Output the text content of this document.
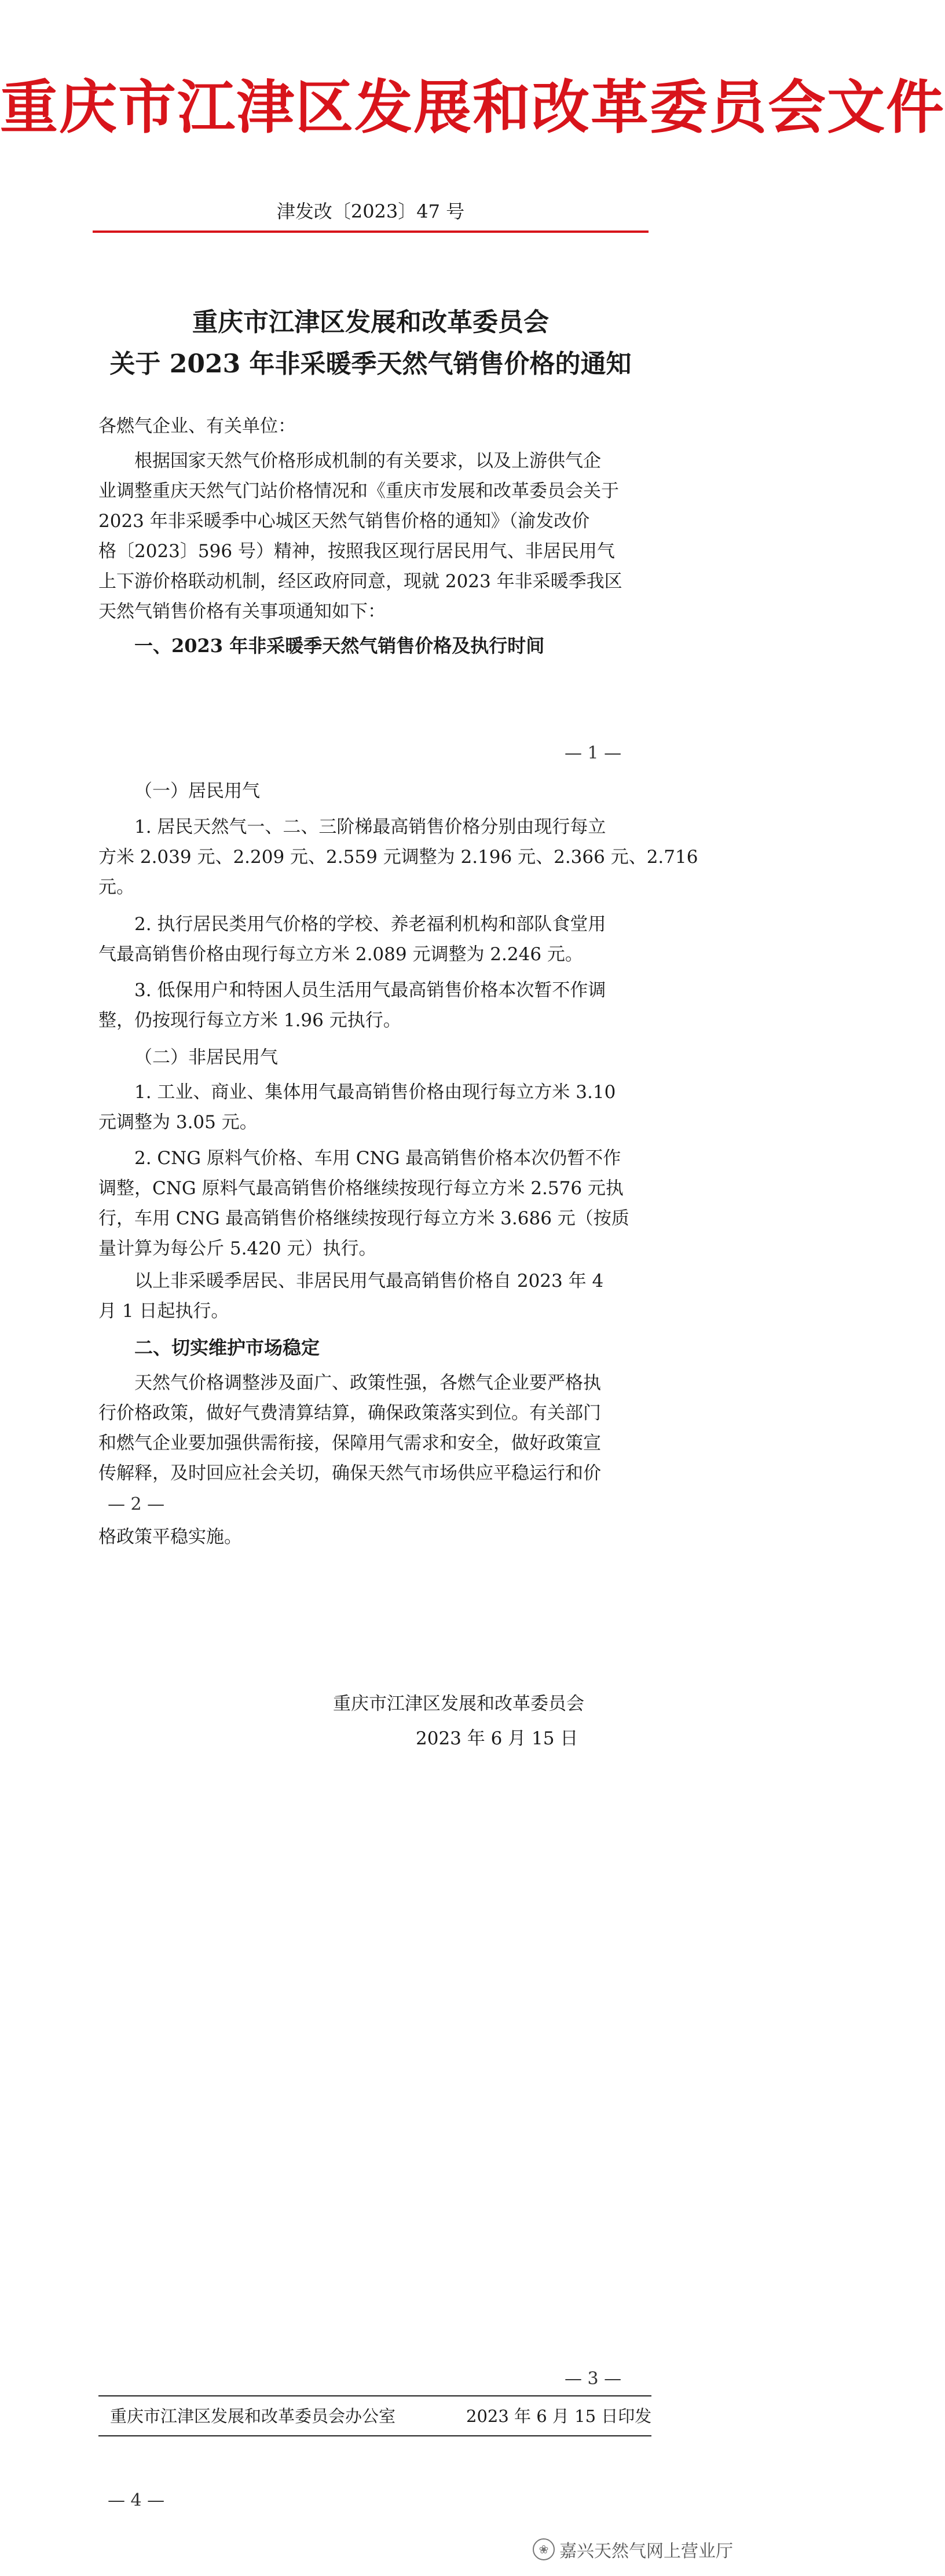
重庆市江津区发展和改革委员会文件
津发改〔2023〕47 号
重庆市江津区发展和改革委员会
关于 2023 年非采暖季天然气销售价格的通知
各燃气企业、有关单位：
根据国家天然气价格形成机制的有关要求，以及上游供气企
业调整重庆天然气门站价格情况和《重庆市发展和改革委员会关于
2023 年非采暖季中心城区天然气销售价格的通知》（渝发改价
格〔2023〕596 号）精神，按照我区现行居民用气、非居民用气
上下游价格联动机制，经区政府同意，现就 2023 年非采暖季我区
天然气销售价格有关事项通知如下：
一、2023 年非采暖季天然气销售价格及执行时间
— 1 —
（一）居民用气
1. 居民天然气一、二、三阶梯最高销售价格分别由现行每立
方米 2.039 元、2.209 元、2.559 元调整为 2.196 元、2.366 元、2.716
元。
2. 执行居民类用气价格的学校、养老福利机构和部队食堂用
气最高销售价格由现行每立方米 2.089 元调整为 2.246 元。
3. 低保用户和特困人员生活用气最高销售价格本次暂不作调
整，仍按现行每立方米 1.96 元执行。
（二）非居民用气
1. 工业、商业、集体用气最高销售价格由现行每立方米 3.10
元调整为 3.05 元。
2. CNG 原料气价格、车用 CNG 最高销售价格本次仍暂不作
调整，CNG 原料气最高销售价格继续按现行每立方米 2.576 元执
行，车用 CNG 最高销售价格继续按现行每立方米 3.686 元（按质
量计算为每公斤 5.420 元）执行。
以上非采暖季居民、非居民用气最高销售价格自 2023 年 4
月 1 日起执行。
二、切实维护市场稳定
天然气价格调整涉及面广、政策性强，各燃气企业要严格执
行价格政策，做好气费清算结算，确保政策落实到位。有关部门
和燃气企业要加强供需衔接，保障用气需求和安全，做好政策宣
传解释，及时回应社会关切，确保天然气市场供应平稳运行和价
— 2 —
格政策平稳实施。
重庆市江津区发展和改革委员会
2023 年 6 月 15 日
— 3 —
重庆市江津区发展和改革委员会办公室	2023 年 6 月 15 日印发
— 4 —
❀ 嘉兴天然气网上营业厅
